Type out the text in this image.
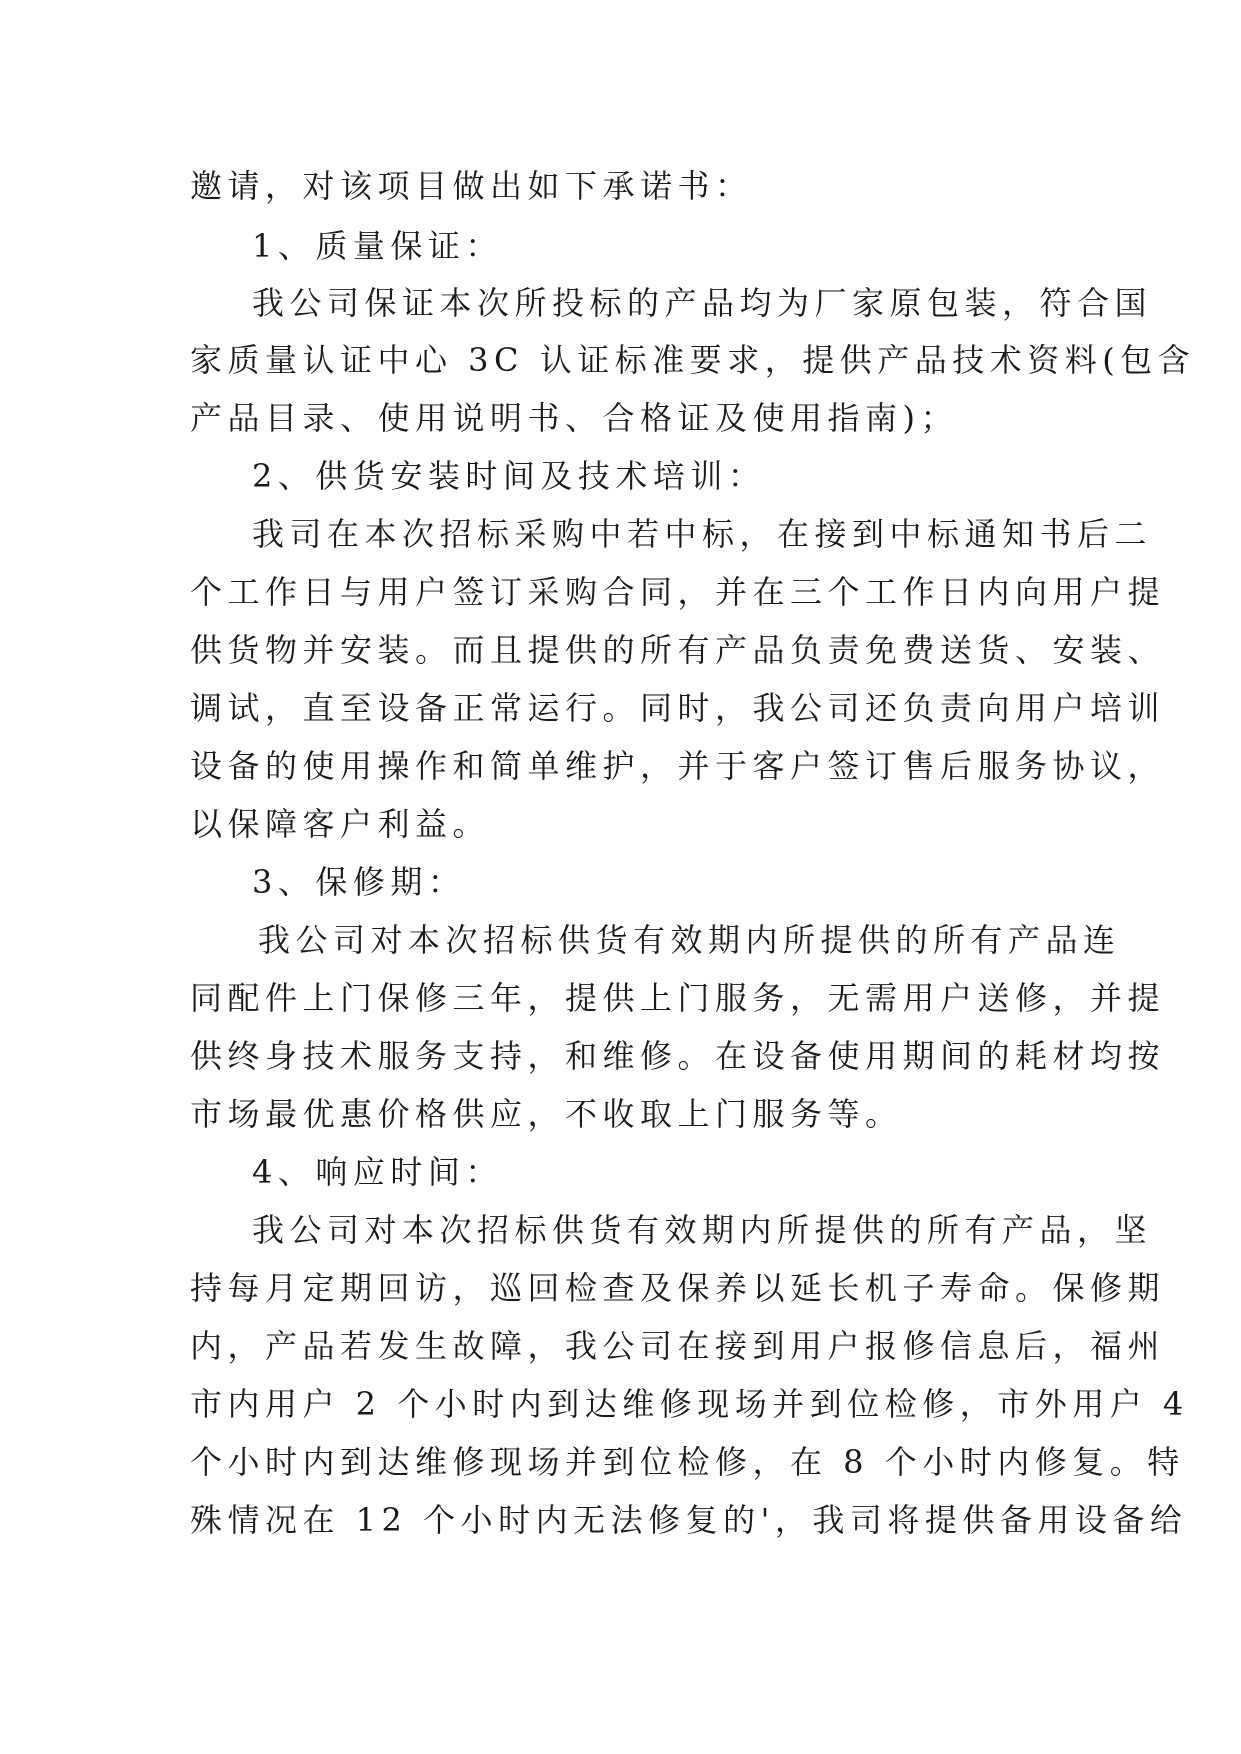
邀请，对该项目做出如下承诺书：

1、质量保证：

我公司保证本次所投标的产品均为厂家原包装，符合国

家质量认证中心 3C 认证标准要求，提供产品技术资料(包含

产品目录、使用说明书、合格证及使用指南)；

2、供货安装时间及技术培训：

我司在本次招标采购中若中标，在接到中标通知书后二

个工作日与用户签订采购合同，并在三个工作日内向用户提

供货物并安装。而且提供的所有产品负责免费送货、安装、

调试，直至设备正常运行。同时，我公司还负责向用户培训

设备的使用操作和简单维护，并于客户签订售后服务协议，

以保障客户利益。

3、保修期：

我公司对本次招标供货有效期内所提供的所有产品连

同配件上门保修三年，提供上门服务，无需用户送修，并提

供终身技术服务支持，和维修。在设备使用期间的耗材均按

市场最优惠价格供应，不收取上门服务等。

4、响应时间：

我公司对本次招标供货有效期内所提供的所有产品，坚

持每月定期回访，巡回检查及保养以延长机子寿命。保修期

内，产品若发生故障，我公司在接到用户报修信息后，福州

市内用户 2 个小时内到达维修现场并到位检修，市外用户 4

个小时内到达维修现场并到位检修，在 8 个小时内修复。特

殊情况在 12 个小时内无法修复的'，我司将提供备用设备给
